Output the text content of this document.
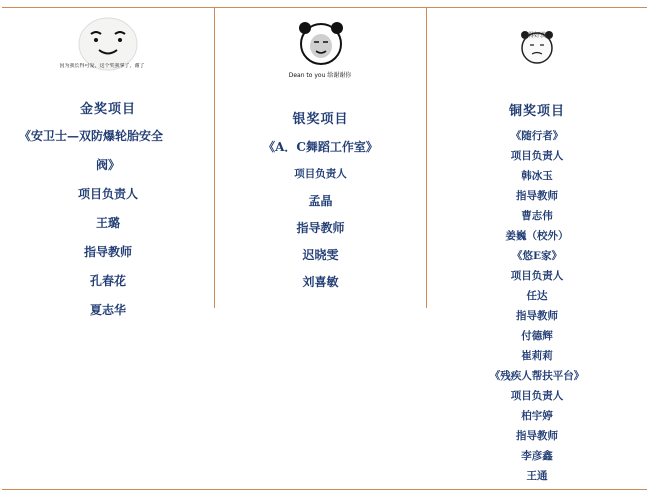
因为我长得可爱，这个奖我拿了，谢了
金奖项目
《安卫士—双防爆轮胎安全
阀》
项目负责人
王璐
指导教师
孔春花
夏志华
Dean to you 给谢谢你
银奖项目
《A．C舞蹈工作室》
项目负责人
孟晶
指导教师
迟晓雯
刘喜敏
持得好羡慕
铜奖项目
《随行者》
项目负责人
韩冰玉
指导教师
曹志伟
姜巍（校外）
《悠E家》
项目负责人
任达
指导教师
付德辉
崔莉莉
《残疾人帮扶平台》
项目负责人
柏宇婷
指导教师
李彦鑫
王通
